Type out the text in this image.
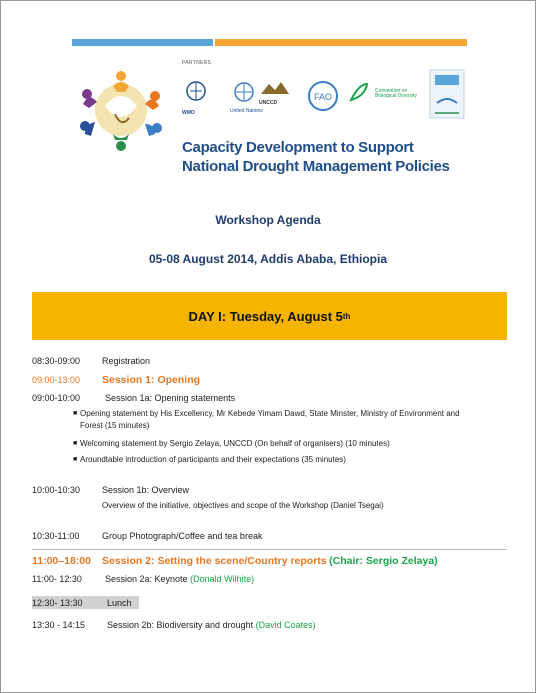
PARTNERS
WMO	United Nations
UNCCD
FAO
Convention on Biological Diversity
Capacity Development to Support
National Drought Management Policies
Workshop Agenda
05-08 August 2014, Addis Ababa, Ethiopia
DAY I: Tuesday, August 5 th
08:30-09:00 Registration
09:00-13:00 Session 1: Opening
09:00-10:00	Session 1a: Opening statements
■ Opening statement by His Excellency, Mr Kebede Yimam Dawd, State Minster, Ministry of Environment and Forest (15 minutes)
■ Welcoming statement by Sergio Zelaya, UNCCD (On behalf of organisers) (10 minutes)
■ Aroundtable introduction of participants and their expectations (35 minutes)
10:00-10:30 Session 1b: Overview
Overview of the initiative, objectives and scope of the Workshop (Daniel Tsegai)
10:30-11:00	Group Photograph/Coffee and tea break
11:00–18:00 Session 2: Setting the scene/Country reports (Chair: Sergio Zelaya)
11:00- 12:30	Session 2a: Keynote (Donald Wilhite)
12:30- 13:30	Lunch
13:30 - 14:15 Session 2b: Biodiversity and drought (David Coates)
